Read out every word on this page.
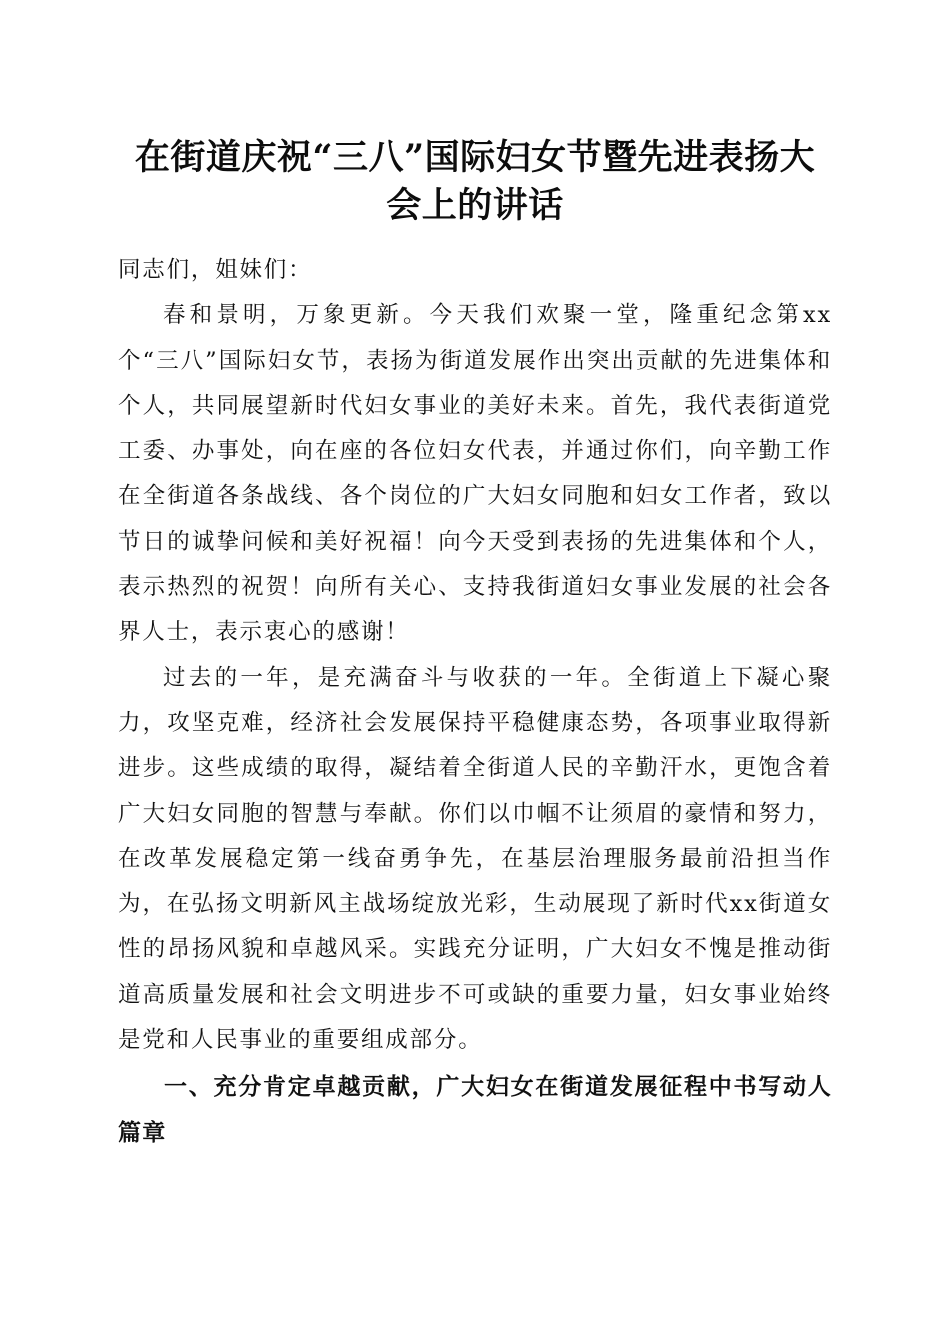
在街道庆祝“三八”国际妇女节暨先进表扬大
会上的讲话

同志们，姐妹们：

春和景明，万象更新。今天我们欢聚一堂，隆重纪念第xx个“三八”国际妇女节，表扬为街道发展作出突出贡献的先进集体和个人，共同展望新时代妇女事业的美好未来。首先，我代表街道党工委、办事处，向在座的各位妇女代表，并通过你们，向辛勤工作在全街道各条战线、各个岗位的广大妇女同胞和妇女工作者，致以节日的诚挚问候和美好祝福！向今天受到表扬的先进集体和个人，表示热烈的祝贺！向所有关心、支持我街道妇女事业发展的社会各界人士，表示衷心的感谢！

过去的一年，是充满奋斗与收获的一年。全街道上下凝心聚力，攻坚克难，经济社会发展保持平稳健康态势，各项事业取得新进步。这些成绩的取得，凝结着全街道人民的辛勤汗水，更饱含着广大妇女同胞的智慧与奉献。你们以巾帼不让须眉的豪情和努力，在改革发展稳定第一线奋勇争先，在基层治理服务最前沿担当作为，在弘扬文明新风主战场绽放光彩，生动展现了新时代xx街道女性的昂扬风貌和卓越风采。实践充分证明，广大妇女不愧是推动街道高质量发展和社会文明进步不可或缺的重要力量，妇女事业始终是党和人民事业的重要组成部分。

一、充分肯定卓越贡献，广大妇女在街道发展征程中书写动人篇章
